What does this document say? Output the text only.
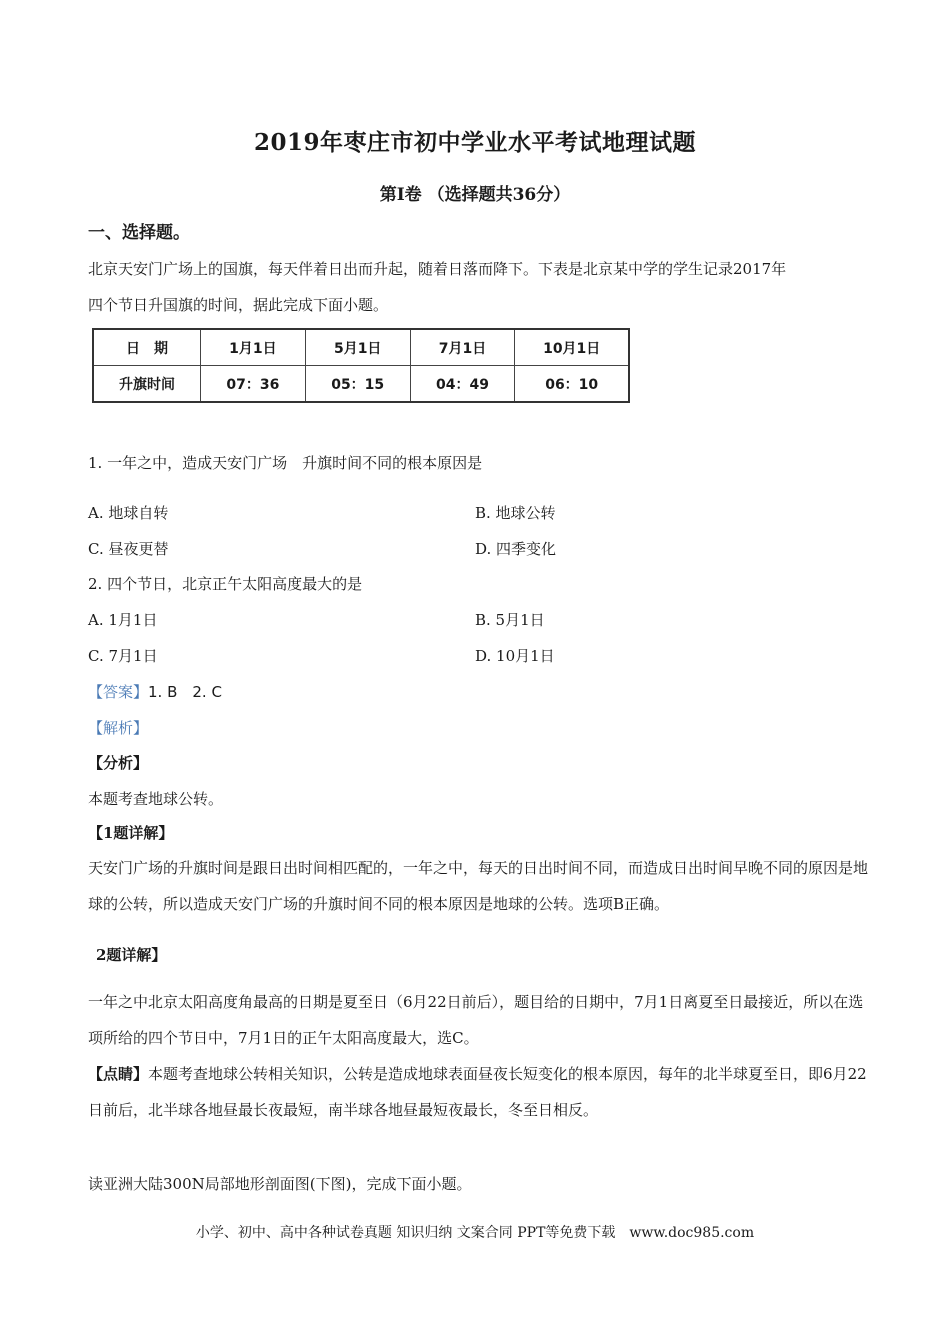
2019年枣庄市初中学业水平考试地理试题
第Ⅰ卷 （选择题共36分）
一、选择题。
北京天安门广场上的国旗，每天伴着日出而升起，随着日落而降下。下表是北京某中学的学生记录2017年
四个节日升国旗的时间，据此完成下面小题。
日　期	1月1日	5月1日	7月1日	10月1日
升旗时间	07：36	05：15	04：49	06：10
1. 一年之中，造成天安门广场　升旗时间不同的根本原因是
A. 地球自转	B. 地球公转
C. 昼夜更替	D. 四季变化
2. 四个节日，北京正午太阳高度最大的是
A. 1月1日	B. 5月1日
C. 7月1日	D. 10月1日
【答案】1. B　2. C
【解析】
【分析】
本题考查地球公转。
【1题详解】
天安门广场的升旗时间是跟日出时间相匹配的，一年之中，每天的日出时间不同，而造成日出时间早晚不同的原因是地球的公转，所以造成天安门广场的升旗时间不同的根本原因是地球的公转。选项B正确。
2题详解】
一年之中北京太阳高度角最高的日期是夏至日（6月22日前后），题目给的日期中，7月1日离夏至日最接近，所以在选项所给的四个节日中，7月1日的正午太阳高度最大，选C。
【点睛】本题考查地球公转相关知识，公转是造成地球表面昼夜长短变化的根本原因，每年的北半球夏至日，即6月22日前后，北半球各地昼最长夜最短，南半球各地昼最短夜最长，冬至日相反。
读亚洲大陆300N局部地形剖面图(下图)，完成下面小题。
小学、初中、高中各种试卷真题 知识归纳 文案合同 PPT等免费下载　www.doc985.com
